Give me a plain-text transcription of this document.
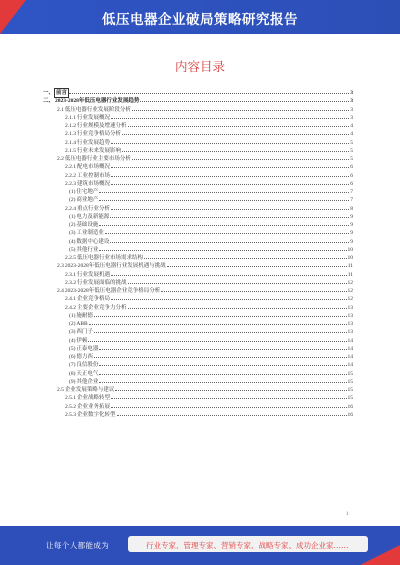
低压电器企业破局策略研究报告
内容目录
一、 前言	3
二、 2023-2028年低压电器行业发展趋势	3
2.1 低压电器行业发展阶段分析	3
2.1.1 行业发展概况	3
2.1.2 行业规模及增速分析	4
2.1.3 行业竞争格局分析	4
2.1.4 行业发展趋势	5
2.1.5 行业未来发展影响	5
2.2 低压电器行业主要市场分析	5
2.2.1 配电市场概况	6
2.2.2 工业控制市场	6
2.2.3 建筑市场概况	6
(1) 住宅地产	7
(2) 商业地产	7
2.2.4 重点行业分析	8
(1) 电力及新能源	9
(2) 基础设施	9
(3) 工业制造业	9
(4) 数据中心建设	9
(5) 其他行业	10
2.2.5 低压电器行业市场需求结构	10
2.3 2023-2028年低压电器行业发展机遇与挑战	11
2.3.1 行业发展机遇	11
2.3.2 行业发展面临的挑战	12
2.4 2023-2028年低压电器企业竞争格局分析	12
2.4.1 企业竞争格局	12
2.4.2 主要企业竞争力分析	13
(1) 施耐德	13
(2) ABB	13
(3) 西门子	13
(4) 伊顿	14
(5) 正泰电器	14
(6) 德力西	14
(7) 良信股份	14
(8) 天正电气	15
(9) 其他企业	15
2.5 企业发展策略与建议	15
2.5.1 企业战略转型	15
2.5.2 企业业务拓展	16
2.5.3 企业数字化转型	16
1
让每个人都能成为	行业专家、管理专家、营销专家、战略专家、成功企业家……
